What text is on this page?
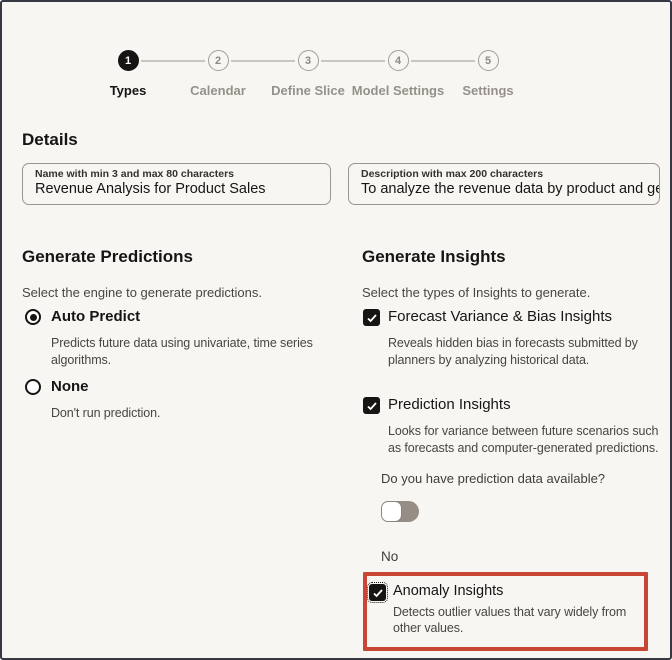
1
Types
2
Calendar
3
Define Slice
4
Model Settings
5
Settings
Details
Name with min 3 and max 80 characters
Revenue Analysis for Product Sales	Description with max 200 characters
To analyze the revenue data by product and gene
Generate Predictions
Select the engine to generate predictions.
Auto Predict
Predicts future data using univariate, time series algorithms.
None
Don't run prediction.
Generate Insights
Select the types of Insights to generate.
Forecast Variance & Bias Insights
Reveals hidden bias in forecasts submitted by planners by analyzing historical data.
Prediction Insights
Looks for variance between future scenarios such as forecasts and computer-generated predictions.
Do you have prediction data available?
No
Anomaly Insights
Detects outlier values that vary widely from other values.
